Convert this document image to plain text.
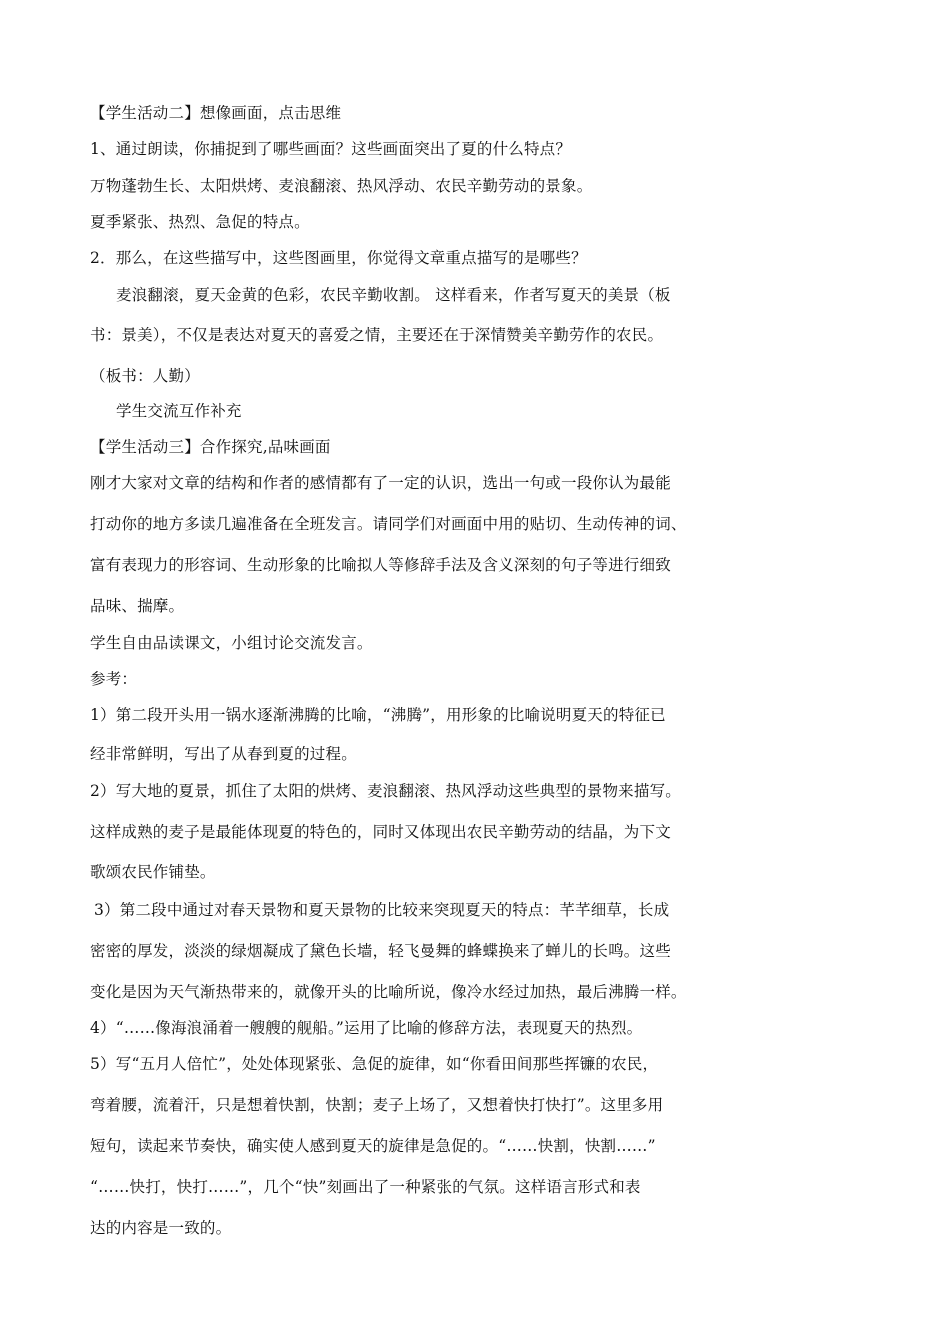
【学生活动二】想像画面，点击思维
1、通过朗读，你捕捉到了哪些画面？这些画面突出了夏的什么特点？
万物蓬勃生长、太阳烘烤、麦浪翻滚、热风浮动、农民辛勤劳动的景象。
夏季紧张、热烈、急促的特点。
2．那么，在这些描写中，这些图画里，你觉得文章重点描写的是哪些？
麦浪翻滚，夏天金黄的色彩，农民辛勤收割。 这样看来，作者写夏天的美景（板
书：景美），不仅是表达对夏天的喜爱之情，主要还在于深情赞美辛勤劳作的农民。
（板书：人勤）
学生交流互作补充
【学生活动三】合作探究,品味画面
刚才大家对文章的结构和作者的感情都有了一定的认识，选出一句或一段你认为最能
打动你的地方多读几遍准备在全班发言。请同学们对画面中用的贴切、生动传神的词、
富有表现力的形容词、生动形象的比喻拟人等修辞手法及含义深刻的句子等进行细致
品味、揣摩。
学生自由品读课文，小组讨论交流发言。
参考：
1）第二段开头用一锅水逐渐沸腾的比喻，“沸腾”，用形象的比喻说明夏天的特征已
经非常鲜明，写出了从春到夏的过程。
2）写大地的夏景，抓住了太阳的烘烤、麦浪翻滚、热风浮动这些典型的景物来描写。
这样成熟的麦子是最能体现夏的特色的，同时又体现出农民辛勤劳动的结晶，为下文
歌颂农民作铺垫。
3）第二段中通过对春天景物和夏天景物的比较来突现夏天的特点：芊芊细草，长成
密密的厚发，淡淡的绿烟凝成了黛色长墙，轻飞曼舞的蜂蝶换来了蝉儿的长鸣。这些
变化是因为天气渐热带来的，就像开头的比喻所说，像冷水经过加热，最后沸腾一样。
4）“……像海浪涌着一艘艘的舰船。”运用了比喻的修辞方法，表现夏天的热烈。
5）写“五月人倍忙”，处处体现紧张、急促的旋律，如“你看田间那些挥镰的农民，
弯着腰，流着汗，只是想着快割，快割；麦子上场了，又想着快打快打”。这里多用
短句，读起来节奏快，确实使人感到夏天的旋律是急促的。“……快割，快割……”
“……快打，快打……”，几个“快”刻画出了一种紧张的气氛。这样语言形式和表
达的内容是一致的。
